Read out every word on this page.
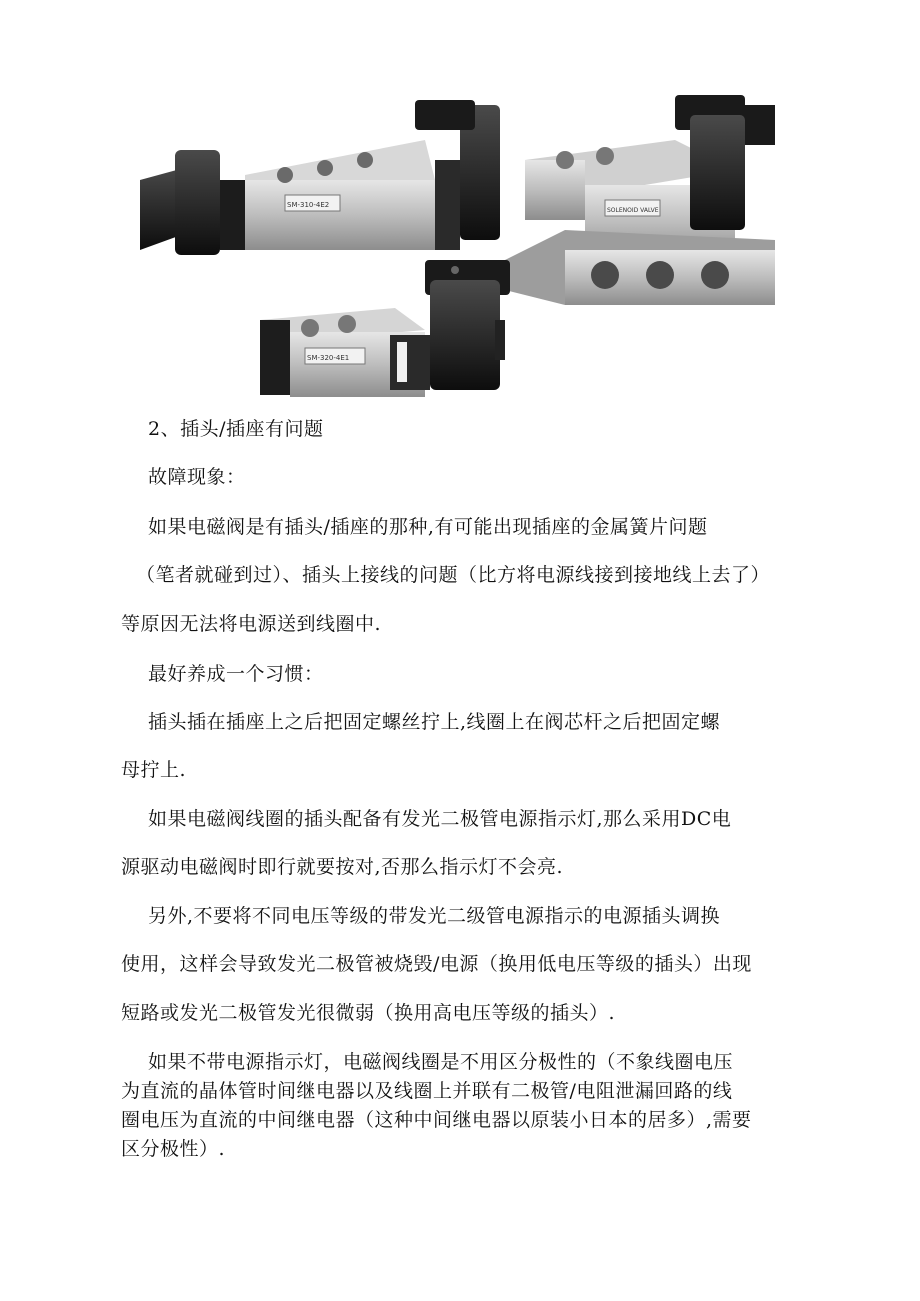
SM-310-4E2
SOLENOID VALVE
SM-320-4E1
2、插头/插座有问题
故障现象：
如果电磁阀是有插头/插座的那种,有可能出现插座的金属簧片问题
（笔者就碰到过）、插头上接线的问题（比方将电源线接到接地线上去了）
等原因无法将电源送到线圈中.
最好养成一个习惯：
插头插在插座上之后把固定螺丝拧上,线圈上在阀芯杆之后把固定螺
母拧上.
如果电磁阀线圈的插头配备有发光二极管电源指示灯,那么采用DC电
源驱动电磁阀时即行就要按对,否那么指示灯不会亮.
另外,不要将不同电压等级的带发光二级管电源指示的电源插头调换
使用，这样会导致发光二极管被烧毁/电源（换用低电压等级的插头）出现
短路或发光二极管发光很微弱（换用高电压等级的插头）.
如果不带电源指示灯，电磁阀线圈是不用区分极性的（不象线圈电压
为直流的晶体管时间继电器以及线圈上并联有二极管/电阻泄漏回路的线
圈电压为直流的中间继电器（这种中间继电器以原装小日本的居多）,需要
区分极性）.
